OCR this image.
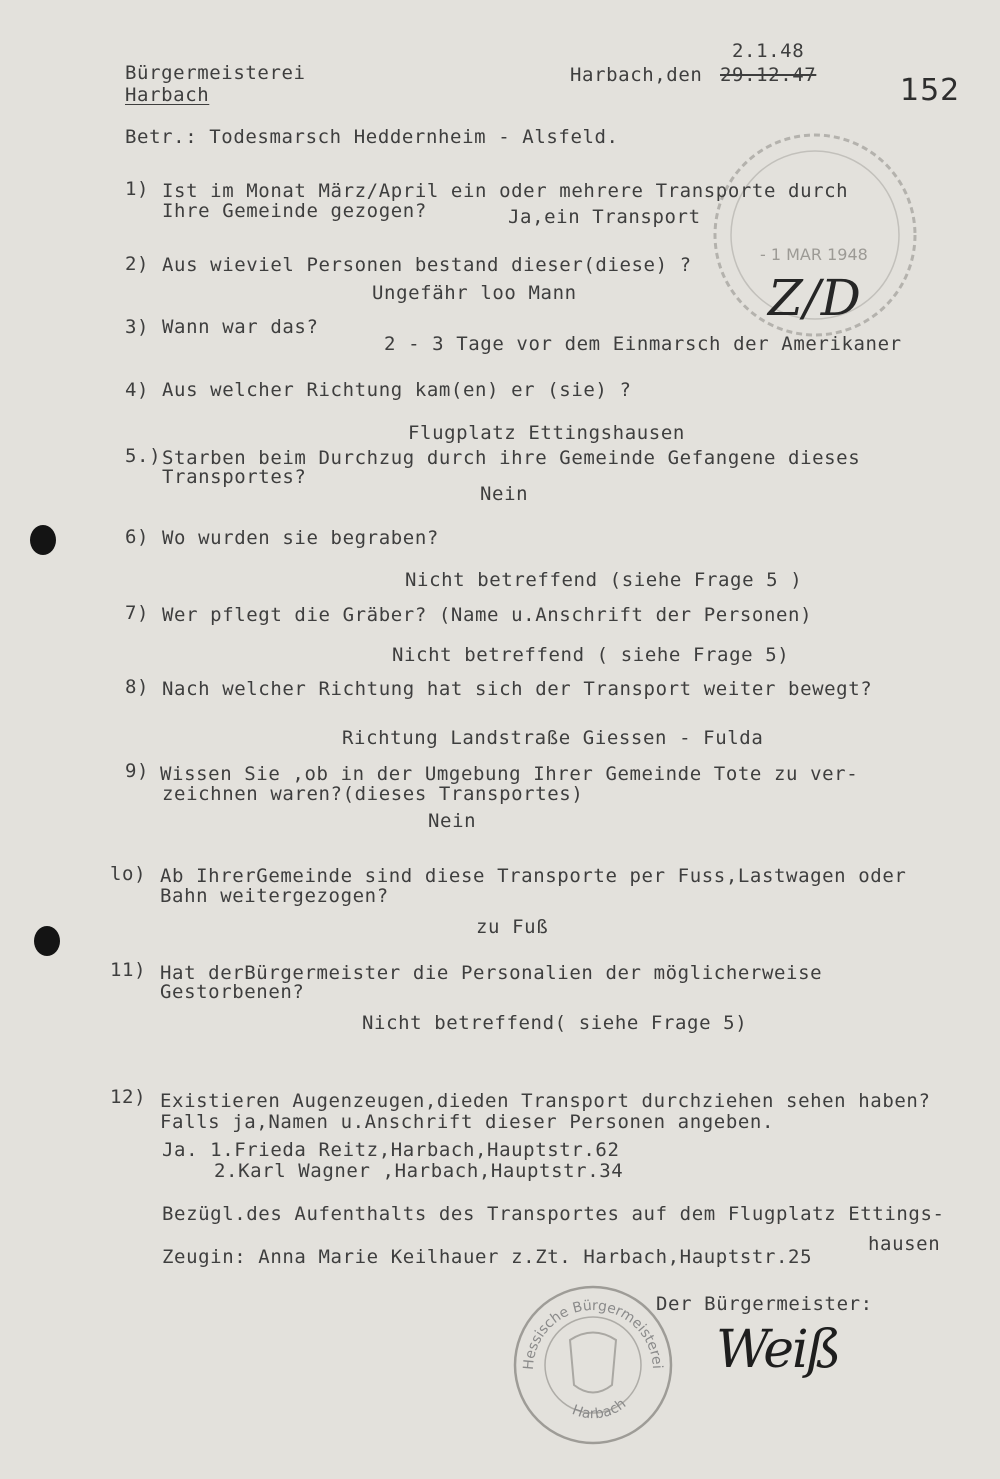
Bürgermeisterei
Harbach
2.1.48
Harbach,den 29.12.47	152
Betr.: Todesmarsch Heddernheim - Alsfeld.
- 1 MAR 1948
Z/D
1) Ist im Monat März/April ein oder mehrere Transporte durch
Ihre Gemeinde gezogen?	Ja,ein Transport
2) Aus wieviel Personen bestand dieser(diese) ?
Ungefähr loo Mann
3) Wann war das?
2 - 3 Tage vor dem Einmarsch der Amerikaner
4) Aus welcher Richtung kam(en) er (sie) ?
Flugplatz Ettingshausen
5.) Starben beim Durchzug durch ihre Gemeinde Gefangene dieses
Transportes?
Nein
6) Wo wurden sie begraben?
Nicht betreffend (siehe Frage 5 )
7) Wer pflegt die Gräber? (Name u.Anschrift der Personen)
Nicht betreffend ( siehe Frage 5)
8) Nach welcher Richtung hat sich der Transport weiter bewegt?
Richtung Landstraße Giessen - Fulda
9) Wissen Sie ,ob in der Umgebung Ihrer Gemeinde Tote zu ver-
zeichnen waren?(dieses Transportes)
Nein
lo) Ab IhrerGemeinde sind diese Transporte per Fuss,Lastwagen oder
Bahn weitergezogen?
zu Fuß
11) Hat derBürgermeister die Personalien der möglicherweise
Gestorbenen?
Nicht betreffend( siehe Frage 5)
12) Existieren Augenzeugen,dieden Transport durchziehen sehen haben?
Falls ja,Namen u.Anschrift dieser Personen angeben.
Ja. 1.Frieda Reitz,Harbach,Hauptstr.62
2.Karl Wagner ,Harbach,Hauptstr.34
Bezügl.des Aufenthalts des Transportes auf dem Flugplatz Ettings-
hausen
Zeugin: Anna Marie Keilhauer z.Zt. Harbach,Hauptstr.25
Hessische Bürgermeisterei
Harbach
Der Bürgermeister:
Weiß
